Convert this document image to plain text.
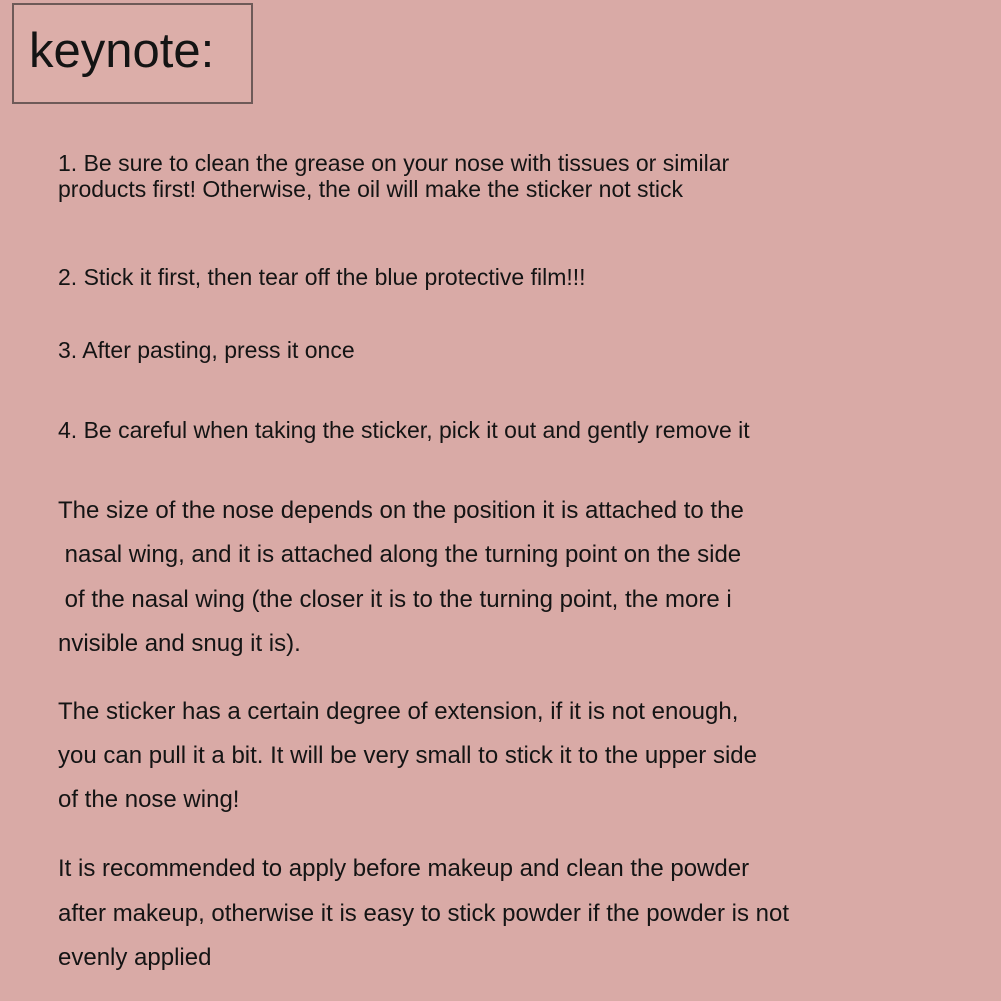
keynote:

1. Be sure to clean the grease on your nose with tissues or similar

products first! Otherwise, the oil will make the sticker not stick

2. Stick it first, then tear off the blue protective film!!!

3. After pasting, press it once

4. Be careful when taking the sticker, pick it out and gently remove it

The size of the nose depends on the position it is attached to the

nasal wing, and it is attached along the turning point on the side

of the nasal wing (the closer it is to the turning point, the more i

nvisible and snug it is).

The sticker has a certain degree of extension, if it is not enough,

you can pull it a bit. It will be very small to stick it to the upper side

of the nose wing!

It is recommended to apply before makeup and clean the powder

after makeup, otherwise it is easy to stick powder if the powder is not

evenly applied
